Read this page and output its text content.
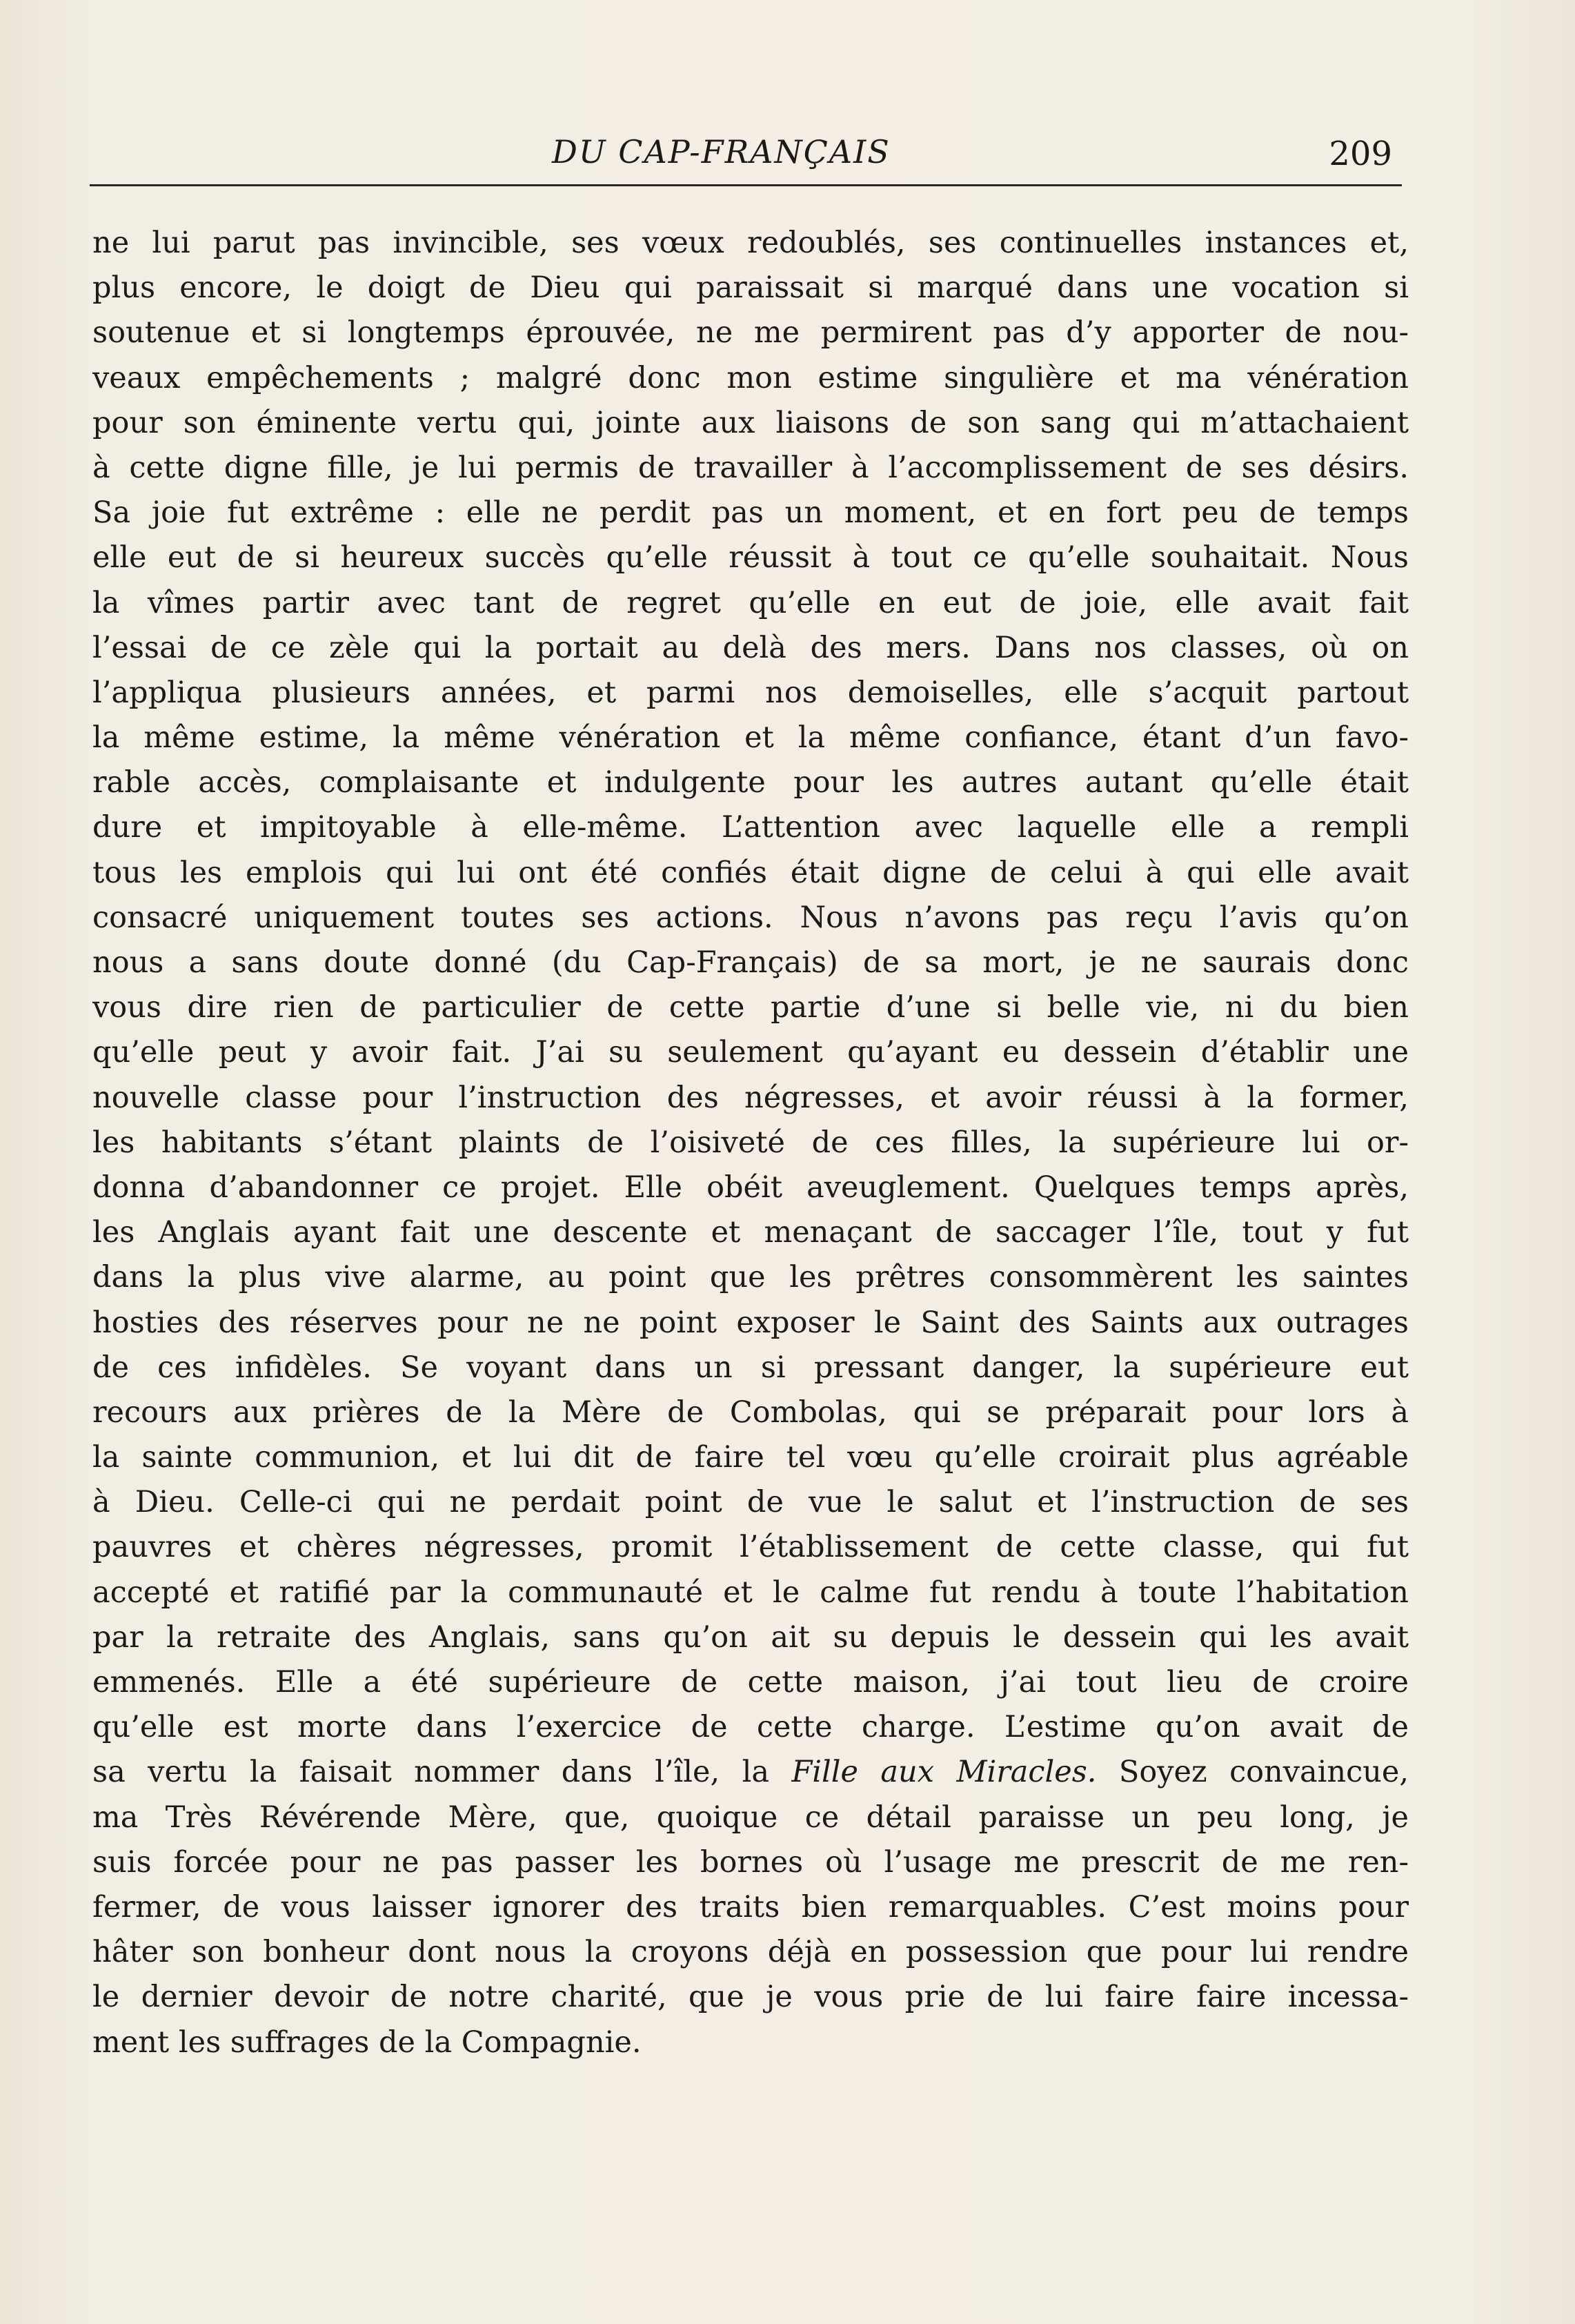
DU CAP-FRANÇAIS	209
ne lui parut pas invincible, ses vœux redoublés, ses continuelles instances et,
plus encore, le doigt de Dieu qui paraissait si marqué dans une vocation si
soutenue et si longtemps éprouvée, ne me permirent pas d’y apporter de nou-
veaux empêchements ; malgré donc mon estime singulière et ma vénération
pour son éminente vertu qui, jointe aux liaisons de son sang qui m’attachaient
à cette digne fille, je lui permis de travailler à l’accomplissement de ses désirs.
Sa joie fut extrême : elle ne perdit pas un moment, et en fort peu de temps
elle eut de si heureux succès qu’elle réussit à tout ce qu’elle souhaitait. Nous
la vîmes partir avec tant de regret qu’elle en eut de joie, elle avait fait
l’essai de ce zèle qui la portait au delà des mers. Dans nos classes, où on
l’appliqua plusieurs années, et parmi nos demoiselles, elle s’acquit partout
la même estime, la même vénération et la même confiance, étant d’un favo-
rable accès, complaisante et indulgente pour les autres autant qu’elle était
dure et impitoyable à elle-même. L’attention avec laquelle elle a rempli
tous les emplois qui lui ont été confiés était digne de celui à qui elle avait
consacré uniquement toutes ses actions. Nous n’avons pas reçu l’avis qu’on
nous a sans doute donné (du Cap-Français) de sa mort, je ne saurais donc
vous dire rien de particulier de cette partie d’une si belle vie, ni du bien
qu’elle peut y avoir fait. J’ai su seulement qu’ayant eu dessein d’établir une
nouvelle classe pour l’instruction des négresses, et avoir réussi à la former,
les habitants s’étant plaints de l’oisiveté de ces filles, la supérieure lui or-
donna d’abandonner ce projet. Elle obéit aveuglement. Quelques temps après,
les Anglais ayant fait une descente et menaçant de saccager l’île, tout y fut
dans la plus vive alarme, au point que les prêtres consommèrent les saintes
hosties des réserves pour ne ne point exposer le Saint des Saints aux outrages
de ces infidèles. Se voyant dans un si pressant danger, la supérieure eut
recours aux prières de la Mère de Combolas, qui se préparait pour lors à
la sainte communion, et lui dit de faire tel vœu qu’elle croirait plus agréable
à Dieu. Celle-ci qui ne perdait point de vue le salut et l’instruction de ses
pauvres et chères négresses, promit l’établissement de cette classe, qui fut
accepté et ratifié par la communauté et le calme fut rendu à toute l’habitation
par la retraite des Anglais, sans qu’on ait su depuis le dessein qui les avait
emmenés. Elle a été supérieure de cette maison, j’ai tout lieu de croire
qu’elle est morte dans l’exercice de cette charge. L’estime qu’on avait de
sa vertu la faisait nommer dans l’île, la Fille aux Miracles. Soyez convaincue,
ma Très Révérende Mère, que, quoique ce détail paraisse un peu long, je
suis forcée pour ne pas passer les bornes où l’usage me prescrit de me ren-
fermer, de vous laisser ignorer des traits bien remarquables. C’est moins pour
hâter son bonheur dont nous la croyons déjà en possession que pour lui rendre
le dernier devoir de notre charité, que je vous prie de lui faire faire incessa-
ment les suffrages de la Compagnie.
